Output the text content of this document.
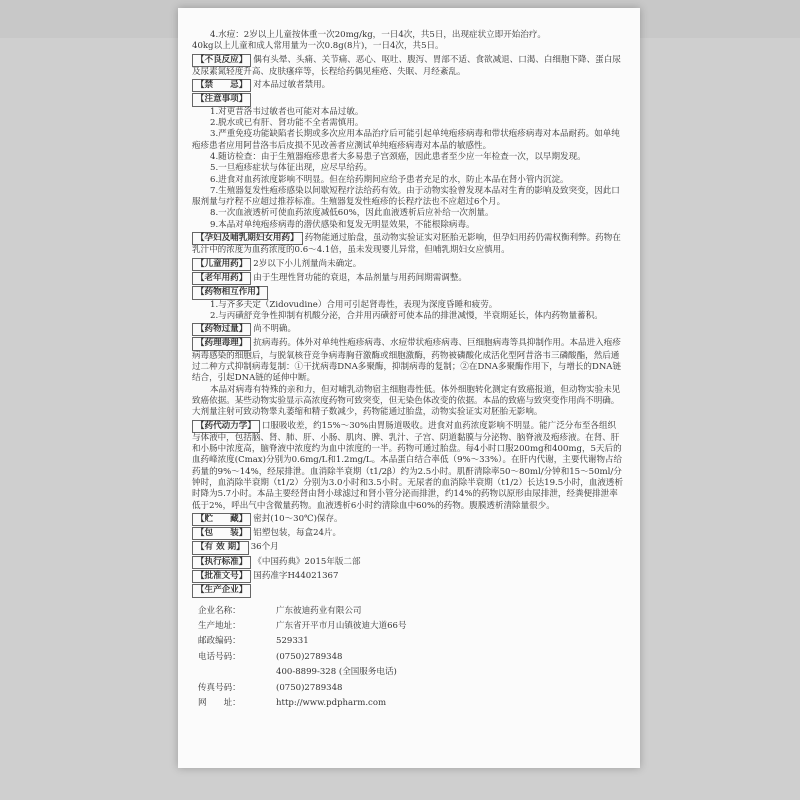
4.水痘：2岁以上儿童按体重一次20mg/kg，一日4次，共5日，出现症状立即开始治疗。

40kg以上儿童和成人常用量为一次0.8g(8片)，一日4次，共5日。

【不良反应】 偶有头晕、头痛、关节痛、恶心、呕吐、腹泻、胃部不适、食欲减退、口渴、白细胞下降、蛋白尿及尿素氮轻度升高、皮肤瘙痒等，长程给药偶见痤疮、失眠、月经紊乱。

【禁　　忌】 对本品过敏者禁用。

【注意事项】

1.对更昔洛韦过敏者也可能对本品过敏。

2.脱水或已有肝、肾功能不全者需慎用。

3.严重免疫功能缺陷者长期或多次应用本品治疗后可能引起单纯疱疹病毒和带状疱疹病毒对本品耐药。如单纯疱疹患者应用阿昔洛韦后皮损不见改善者应测试单纯疱疹病毒对本品的敏感性。

4.随访检查：由于生殖器疱疹患者大多易患子宫颈癌，因此患者至少应一年检查一次，以早期发现。

5.一旦疱疹症状与体征出现，应尽早给药。

6.进食对血药浓度影响不明显。但在给药期间应给予患者充足的水，防止本品在肾小管内沉淀。

7.生殖器复发性疱疹感染以间歇短程疗法给药有效。由于动物实验曾发现本品对生育的影响及致突变，因此口服剂量与疗程不应超过推荐标准。生殖器复发性疱疹的长程疗法也不应超过6个月。

8.一次血液透析可使血药浓度减低60%，因此血液透析后应补给一次剂量。

9.本品对单纯疱疹病毒的潜伏感染和复发无明显效果，不能根除病毒。

【孕妇及哺乳期妇女用药】 药物能通过胎盘，虽动物实验证实对胚胎无影响，但孕妇用药仍需权衡利弊。药物在乳汁中的浓度为血药浓度的0.6～4.1倍，虽未发现婴儿异常，但哺乳期妇女应慎用。

【儿童用药】 2岁以下小儿剂量尚未确定。

【老年用药】 由于生理性肾功能的衰退，本品剂量与用药间期需调整。

【药物相互作用】

1.与齐多夫定（Zidovudine）合用可引起肾毒性，表现为深度昏睡和疲劳。

2.与丙磺舒竞争性抑制有机酸分泌，合并用丙磺舒可使本品的排泄减慢，半衰期延长，体内药物量蓄积。

【药物过量】 尚不明确。

【药理毒理】 抗病毒药。体外对单纯性疱疹病毒、水痘带状疱疹病毒、巨细胞病毒等具抑制作用。本品进入疱疹病毒感染的细胞后，与脱氧核苷竞争病毒胸苷激酶或细胞激酶，药物被磷酸化成活化型阿昔洛韦三磷酸酯，然后通过二种方式抑制病毒复制：①干扰病毒DNA多聚酶，抑制病毒的复制；②在DNA多聚酶作用下，与增长的DNA链结合，引起DNA链的延伸中断。

本品对病毒有特殊的亲和力，但对哺乳动物宿主细胞毒性低。体外细胞转化测定有致癌报道，但动物实验未见致癌依据。某些动物实验显示高浓度药物可致突变，但无染色体改变的依据。本品的致癌与致突变作用尚不明确。大剂量注射可致动物睾丸萎缩和精子数减少，药物能通过胎盘，动物实验证实对胚胎无影响。

【药代动力学】 口服吸收差，约15%～30%由胃肠道吸收。进食对血药浓度影响不明显。能广泛分布至各组织与体液中，包括脑、肾、肺、肝、小肠、肌肉、脾、乳汁、子宫、阴道黏膜与分泌物、脑脊液及疱疹液。在肾、肝和小肠中浓度高，脑脊液中浓度约为血中浓度的一半。药物可通过胎盘。每4小时口服200mg和400mg，5天后的血药峰浓度(Cmax)分别为0.6mg/L和1.2mg/L。本品蛋白结合率低（9%～33%）。在肝内代谢，主要代谢物占给药量的9%～14%，经尿排泄。血消除半衰期（t1/2β）约为2.5小时。肌酐清除率50～80ml/分钟和15～50ml/分钟时，血消除半衰期（t1/2）分别为3.0小时和3.5小时。无尿者的血消除半衰期（t1/2）长达19.5小时，血液透析时降为5.7小时。本品主要经肾由肾小球滤过和肾小管分泌而排泄，约14%的药物以原形由尿排泄，经粪便排泄率低于2%，呼出气中含微量药物。血液透析6小时约清除血中60%的药物。腹膜透析清除量很少。

【贮　　藏】 密封(10～30℃)保存。

【包　　装】 铝塑包装，每盒24片。

【有 效 期】 36个月

【执行标准】 《中国药典》2015年版二部

【批准文号】 国药准字H44021367

【生产企业】

企业名称：	广东彼迪药业有限公司
生产地址：	广东省开平市月山镇彼迪大道66号
邮政编码：	529331
电话号码：	(0750)2789348
400-8899-328 (全国服务电话)
传真号码：	(0750)2789348
网　　址：	http://www.pdpharm.com
